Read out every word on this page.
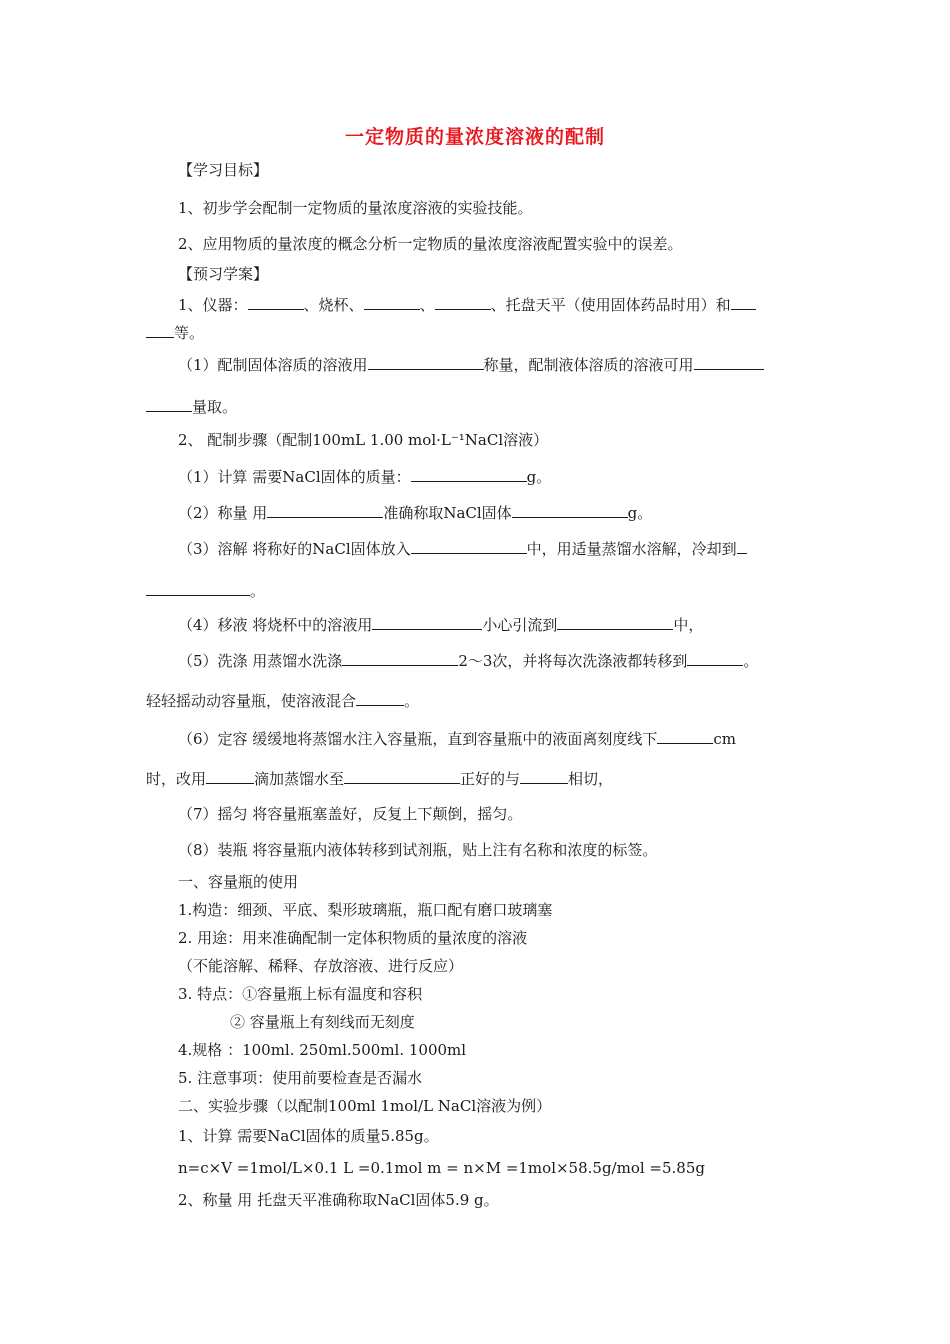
一定物质的量浓度溶液的配制
【学习目标】
1、初步学会配制一定物质的量浓度溶液的实验技能。
2、应用物质的量浓度的概念分析一定物质的量浓度溶液配置实验中的误差。
【预习学案】
1、仪器：	、烧杯、	、	、托盘天平（使用固体药品时用）和
等。
（1）配制固体溶质的溶液用	称量，配制液体溶质的溶液可用
量取。
2、 配制步骤（配制100mL 1.00 mol·L⁻¹NaCl溶液）
（1）计算 需要NaCl固体的质量：	g。
（2）称量 用	准确称取NaCl固体	g。
（3）溶解 将称好的NaCl固体放入	中，用适量蒸馏水溶解，冷却到
。
（4）移液 将烧杯中的溶液用	小心引流到	中，
（5）洗涤 用蒸馏水洗涤	2～3次，并将每次洗涤液都转移到	。
轻轻摇动动容量瓶，使溶液混合	。
（6）定容 缓缓地将蒸馏水注入容量瓶，直到容量瓶中的液面离刻度线下	cm
时，改用	滴加蒸馏水至	正好的与	相切，
（7）摇匀 将容量瓶塞盖好，反复上下颠倒，摇匀。
（8）装瓶 将容量瓶内液体转移到试剂瓶，贴上注有名称和浓度的标签。
一、容量瓶的使用
1.构造：细颈、平底、梨形玻璃瓶，瓶口配有磨口玻璃塞
2. 用途：用来准确配制一定体积物质的量浓度的溶液
（不能溶解、稀释、存放溶液、进行反应）
3. 特点：①容量瓶上标有温度和容积
② 容量瓶上有刻线而无刻度
4.规格 ：100ml. 250ml.500ml. 1000ml
5. 注意事项：使用前要检查是否漏水
二、实验步骤（以配制100ml 1mol/L NaCl溶液为例）
1、计算 需要NaCl固体的质量5.85g。
n=c×V =1mol/L×0.1 L =0.1mol m = n×M =1mol×58.5g/mol =5.85g
2、称量 用 托盘天平准确称取NaCl固体5.9 g。
